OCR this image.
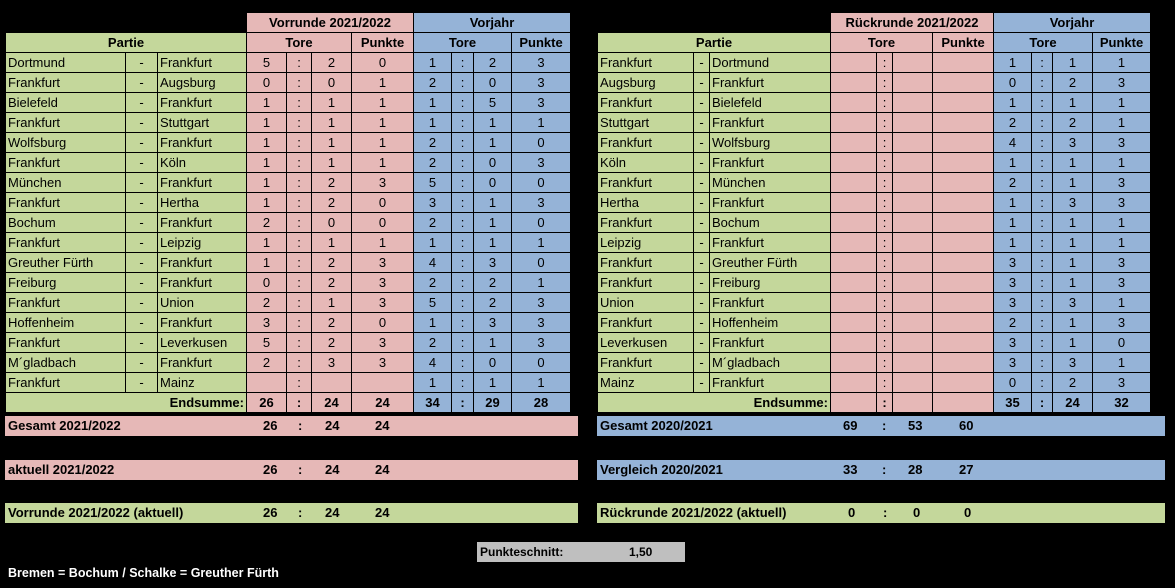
			Vorrunde 2021/2022				Vorjahr			
Partie			Tore			Punkte	Tore			Punkte
Dortmund	-	Frankfurt	5	:	2	0	1	:	2	3
Frankfurt	-	Augsburg	0	:	0	1	2	:	0	3
Bielefeld	-	Frankfurt	1	:	1	1	1	:	5	3
Frankfurt	-	Stuttgart	1	:	1	1	1	:	1	1
Wolfsburg	-	Frankfurt	1	:	1	1	2	:	1	0
Frankfurt	-	Köln	1	:	1	1	2	:	0	3
München	-	Frankfurt	1	:	2	3	5	:	0	0
Frankfurt	-	Hertha	1	:	2	0	3	:	1	3
Bochum	-	Frankfurt	2	:	0	0	2	:	1	0
Frankfurt	-	Leipzig	1	:	1	1	1	:	1	1
Greuther Fürth	-	Frankfurt	1	:	2	3	4	:	3	0
Freiburg	-	Frankfurt	0	:	2	3	2	:	2	1
Frankfurt	-	Union	2	:	1	3	5	:	2	3
Hoffenheim	-	Frankfurt	3	:	2	0	1	:	3	3
Frankfurt	-	Leverkusen	5	:	2	3	2	:	1	3
M´gladbach	-	Frankfurt	2	:	3	3	4	:	0	0
Frankfurt	-	Mainz		:			1	:	1	1
Endsumme:			26	:	24	24	34	:	29	28
			Rückrunde 2021/2022				Vorjahr			
Partie			Tore			Punkte	Tore			Punkte
Frankfurt	-	Dortmund		:			1	:	1	1
Augsburg	-	Frankfurt		:			0	:	2	3
Frankfurt	-	Bielefeld		:			1	:	1	1
Stuttgart	-	Frankfurt		:			2	:	2	1
Frankfurt	-	Wolfsburg		:			4	:	3	3
Köln	-	Frankfurt		:			1	:	1	1
Frankfurt	-	München		:			2	:	1	3
Hertha	-	Frankfurt		:			1	:	3	3
Frankfurt	-	Bochum		:			1	:	1	1
Leipzig	-	Frankfurt		:			1	:	1	1
Frankfurt	-	Greuther Fürth		:			3	:	1	3
Frankfurt	-	Freiburg		:			3	:	1	3
Union	-	Frankfurt		:			3	:	3	1
Frankfurt	-	Hoffenheim		:			2	:	1	3
Leverkusen	-	Frankfurt		:			3	:	1	0
Frankfurt	-	M´gladbach		:			3	:	3	1
Mainz	-	Frankfurt		:			0	:	2	3
Endsumme:				:			35	:	24	32
Gesamt 2021/2022	26 : 24	24	Gesamt 2020/2021	69 : 53	60
aktuell 2021/2022	26 : 24	24	Vergleich 2020/2021	33 : 28	27
Vorrunde 2021/2022 (aktuell)	26 : 24	24	Rückrunde 2021/2022 (aktuell)	0 : 0	0
Punkteschnitt:	1,50
Bremen = Bochum / Schalke = Greuther Fürth
